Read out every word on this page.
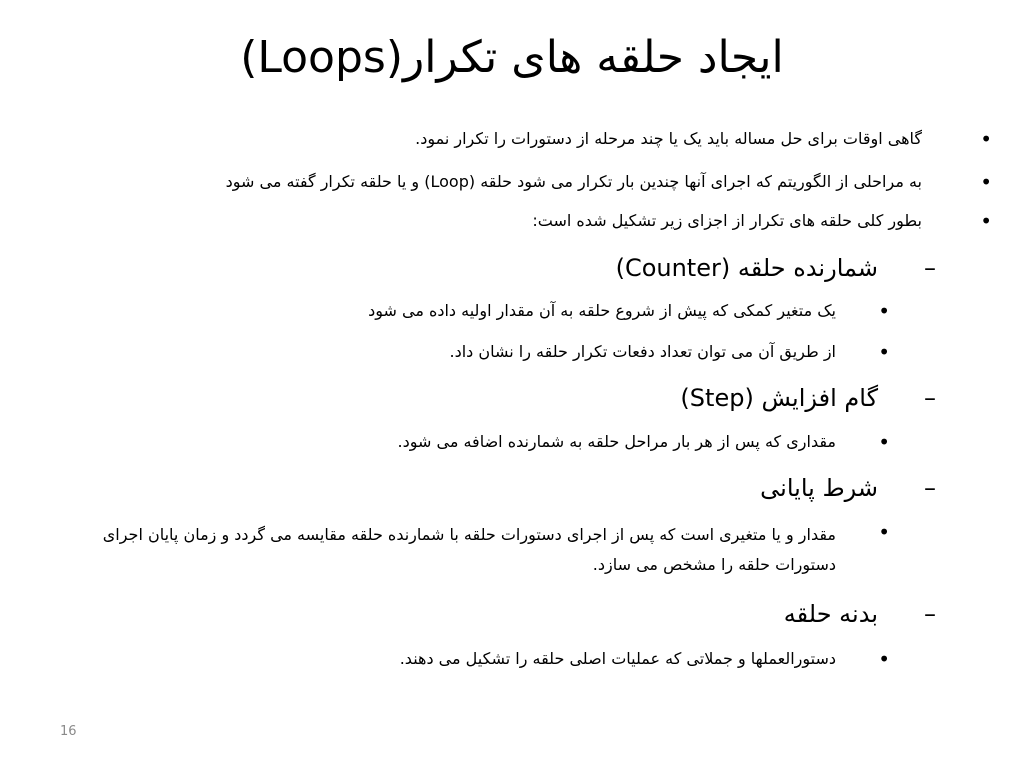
ایجاد حلقه های تکرار(Loops)
•
گاهی اوقات برای حل مساله باید یک یا چند مرحله از دستورات را تکرار نمود.
•
به مراحلی از الگوریتم که اجرای آنها چندین بار تکرار می شود حلقه (Loop) و یا حلقه تکرار گفته می شود
•
بطور کلی حلقه های تکرار از اجزای زیر تشکیل شده است:
–
شمارنده حلقه (Counter)
•
یک متغیر کمکی که پیش از شروع حلقه به آن مقدار اولیه داده می شود
•
از طریق آن می توان تعداد دفعات تکرار حلقه را نشان داد.
–
گام افزایش (Step)
•
مقداری که پس از هر بار مراحل حلقه به شمارنده اضافه می شود.
–
شرط پایانی
•
مقدار و یا متغیری است که پس از اجرای دستورات حلقه با شمارنده حلقه مقایسه می گردد و زمان پایان اجرای دستورات حلقه را مشخص می سازد.
–
بدنه حلقه
•
دستورالعملها و جملاتی که عملیات اصلی حلقه را تشکیل می دهند.
16
